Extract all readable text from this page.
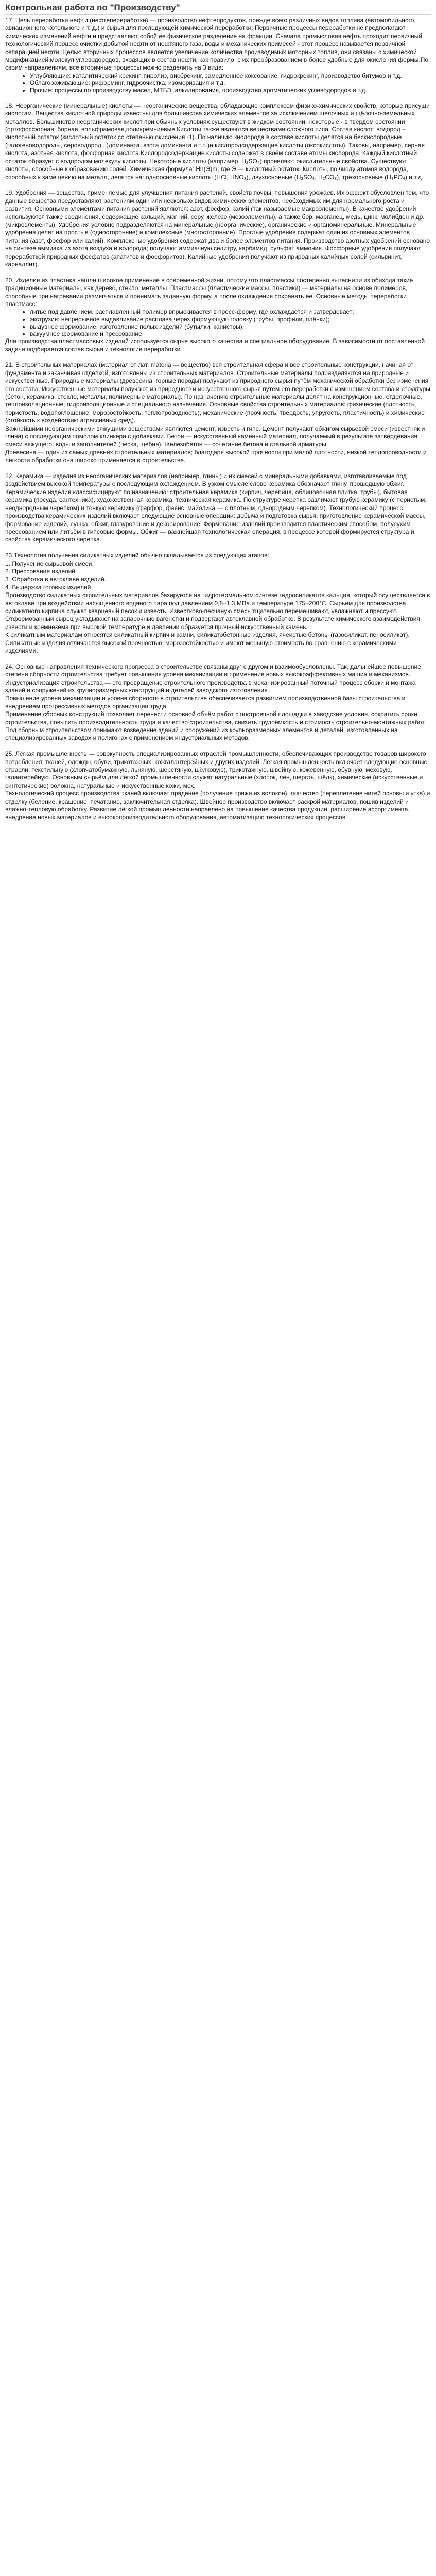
Контрольная работа по "Производству"

17. Цель переработки нефти (нефтепереработки) — производство нефтепродуктов, прежде всего различных видов топлива (автомобильного, авиационного, котельного и т. д.) и сырья для последующей химической переработки. Первичные процессы переработки не предполагают химических изменений нефти и представляют собой ее физическое разделение на фракции. Сначала промысловая нефть проходит первичный технологический процесс очистки добытой нефти от нефтяного газа, воды и механических примесей - этот процесс называется первичной сепарацией нефти. Целью вторичных процессов является увеличение количества производимых моторных топлив, они связаны с химической модификацией молекул углеводородов, входящих в состав нефти, как правило, с их преобразованием в более удобные для окисления формы.По своим направлениям, все вторичные процессы можно разделить на 3 вида:

• Углубляющие: каталитический крекинг, пиролиз, висбрекинг, замедленное коксование, гидрокрекинг, производство битумов и т.д.
• Облагораживающие: риформинг, гидроочистка, изомеризация и т.д.
• Прочие: процессы по производству масел, МТБЭ, алкилирования, производство ароматических углеводородов и т.д.

18. Неорганические (минеральные) кислоты — неорганические вещества, обладающие комплексом физико-химических свойств, которые присущи кислотам. Вещества кислотной природы известны для большинства химических элементов за исключением щелочных и щёлочно-земельных металлов. Большинство неорганических кислот при обычных условиях существуют в жидком состоянии, некоторые - в твёрдом состоянии (ортофосфорная, борная, вольфрамовая,поликремниевые.Кислоты также являются веществами сложного типа. Состав кислот: водород + кислотный остаток (кислотный остаток со степенью окисления -1). По наличию кислорода в составе кислоты делятся на бескислородные (галогеноводороды, сероводород...)доминанта, азота доминанта и т.п.)и кислородсодержащие кислоты (оксокислоты). Таковы, например, серная кислота, азотная кислота, фосфорная кислота.Кислородсодержащие кислоты содержат в своём составе атомы кислорода. Каждый кислотный остаток образует с водородом молекулу кислоты. Некоторые кислоты (например, Н₂SO₄) проявляют окислительные свойства. Существуют кислоты, способные к образованию солей. Химическая формула: Hn(Э)m, где Э — кислотный остаток. Кислоты, по числу атомов водорода, способных к замещению на металл, делятся на: одноосновные кислоты (HCl, HNO₃), двухосновные (H₂SO₄, H₂CO₃), трёхосновные (H₃PO₄) и т.д.

19. Удобрения — вещества, применяемые для улучшения питания растений, свойств почвы, повышения урожаев. Их эффект обусловлен тем, что данные вещества предоставляют растениям один или несколько видов химических элементов, необходимых им для нормального роста и развития. Основными элементами питания растений являются: азот, фосфор, калий (так называемые макроэлементы). В качестве удобрений используются также соединения, содержащие кальций, магний, серу, железо (мезоэлементы), а также бор, марганец, медь, цинк, молибден и др. (микроэлементы). Удобрения условно подразделяются на минеральные (неорганические), органические и органоминеральные. Минеральные удобрения делят на простые (односторонние) и комплексные (многосторонние). Простые удобрения содержат один из основных элементов питания (азот, фосфор или калий). Комплексные удобрения содержат два и более элементов питания. Производство азотных удобрений основано на синтезе аммиака из азота воздуха и водорода; получают аммиачную селитру, карбамид, сульфат аммония. Фосфорные удобрения получают переработкой природных фосфатов (апатитов и фосфоритов). Калийные удобрения получают из природных калийных солей (сильвинит, карналлит).

20. Изделия из пластика нашли широкое применение в современной жизни, потому что пластмассы постепенно вытеснили из обихода такие традиционные материалы, как дерево, стекло, металлы. Пластмассы (пластические массы, пластики) — материалы на основе полимеров, способные при нагревании размягчаться и принимать заданную форму, а после охлаждения сохранять её. Основные методы переработки пластмасс:

• литье под давлением: расплавленный полимер впрыскивается в пресс-форму, где охлаждается и затвердевает;
• экструзия: непрерывное выдавливание расплава через формующую головку (трубы, профили, плёнки);
• выдувное формование: изготовление полых изделий (бутылки, канистры);
• вакуумное формование и прессование.

Для производства пластмассовых изделий используется сырье высокого качества и специальное оборудование. В зависимости от поставленной задачи подбирается состав сырья и технология переработки.

21. В строительных материалах (материал от лат. materia — вещество) вся строительная сфера и все строительные конструкции, начиная от фундамента и заканчивая отделкой, изготовлены из строительных материалов. Строительные материалы подразделяются на природные и искусственные. Природные материалы (древесина, горные породы) получают из природного сырья путём механической обработки без изменения его состава. Искусственные материалы получают из природного и искусственного сырья путём его переработки с изменением состава и структуры (бетон, керамика, стекло, металлы, полимерные материалы). По назначению строительные материалы делят на конструкционные, отделочные, теплоизоляционные, гидроизоляционные и специального назначения. Основные свойства строительных материалов: физические (плотность, пористость, водопоглощение, морозостойкость, теплопроводность), механические (прочность, твёрдость, упругость, пластичность) и химические (стойкость к воздействию агрессивных сред).

Важнейшими неорганическими вяжущими веществами являются цемент, известь и гипс. Цемент получают обжигом сырьевой смеси (известняк и глина) с последующим помолом клинкера с добавками. Бетон — искусственный каменный материал, получаемый в результате затвердевания смеси вяжущего, воды и заполнителей (песка, щебня). Железобетон — сочетание бетона и стальной арматуры.

Древесина — один из самых древних строительных материалов; благодаря высокой прочности при малой плотности, низкой теплопроводности и лёгкости обработки она широко применяется в строительстве.

22. Керамика — изделия из неорганических материалов (например, глины) и их смесей с минеральными добавками, изготавливаемые под воздействием высокой температуры с последующим охлаждением. В узком смысле слово керамика обозначает глину, прошедшую обжиг. Керамические изделия классифицируют по назначению: строительная керамика (кирпич, черепица, облицовочная плитка, трубы), бытовая керамика (посуда, сантехника), художественная керамика, техническая керамика. По структуре черепка различают грубую керамику (с пористым, неоднородным черепком) и тонкую керамику (фарфор, фаянс, майолика — с плотным, однородным черепком). Технологический процесс производства керамических изделий включает следующие основные операции: добыча и подготовка сырья, приготовление керамической массы, формование изделий, сушка, обжиг, глазурование и декорирование. Формование изделий производится пластическим способом, полусухим прессованием или литьём в гипсовые формы. Обжиг — важнейшая технологическая операция, в процессе которой формируется структура и свойства керамического черепка.

23.Технология получения силикатных изделий обычно складывается из следующих этапов:

1. Получение сырьевой смеси.

2. Прессование изделий.

3. Обработка в автоклаве изделий.

4. Выдержка готовых изделий.

Производство силикатных строительных материалов базируется на гидротермальном синтезе гидросиликатов кальция, который осуществляется в автоклаве при воздействии насыщенного водяного пара под давлением 0,8–1,3 МПа и температуре 175–200°С. Сырьём для производства силикатного кирпича служат кварцевый песок и известь. Известково-песчаную смесь тщательно перемешивают, увлажняют и прессуют. Отформованный сырец укладывают на запарочные вагонетки и подвергают автоклавной обработке. В результате химического взаимодействия извести и кремнезёма при высокой температуре и давлении образуется прочный искусственный камень.

К силикатным материалам относятся силикатный кирпич и камни, силикатобетонные изделия, ячеистые бетоны (газосиликат, пеносиликат). Силикатные изделия отличаются высокой прочностью, морозостойкостью и имеют меньшую стоимость по сравнению с керамическими изделиями.

24. Основные направления технического прогресса в строительстве связаны друг с другом и взаимообусловлены. Так, дальнейшее повышение степени сборности строительства требует повышения уровня механизации и применения новых высокоэффективных машин и механизмов. Индустриализация строительства — это превращение строительного производства в механизированный поточный процесс сборки и монтажа зданий и сооружений из крупноразмерных конструкций и деталей заводского изготовления.

Повышение уровня механизации и уровня сборности в строительстве обеспечивается развитием производственной базы строительства и внедрением прогрессивных методов организации труда.

Применение сборных конструкций позволяет перенести основной объём работ с построечной площадки в заводские условия, сократить сроки строительства, повысить производительность труда и качество строительства, снизить трудоёмкость и стоимость строительно-монтажных работ.

Под сборным строительством понимают возведение зданий и сооружений из крупноразмерных элементов и деталей, изготовленных на специализированных заводах и полигонах с применением индустриальных методов.

25. Лёгкая промышленность — совокупность специализированных отраслей промышленности, обеспечивающих производство товаров широкого потребления: тканей, одежды, обуви, трикотажных, кожгалантерейных и других изделий. Лёгкая промышленность включает следующие основные отрасли: текстильную (хлопчатобумажную, льняную, шерстяную, шёлковую), трикотажную, швейную, кожевенную, обувную, меховую, галантерейную. Основным сырьём для лёгкой промышленности служат натуральные (хлопок, лён, шерсть, шёлк), химические (искусственные и синтетические) волокна, натуральные и искусственные кожи, мех.

Технологический процесс производства тканей включает прядение (получение пряжи из волокон), ткачество (переплетение нитей основы и утка) и отделку (беление, крашение, печатание, заключительная отделка). Швейное производство включает раскрой материалов, пошив изделий и влажно-тепловую обработку. Развитие лёгкой промышленности направлено на повышение качества продукции, расширение ассортимента, внедрение новых материалов и высокопроизводительного оборудования, автоматизацию технологических процессов.
